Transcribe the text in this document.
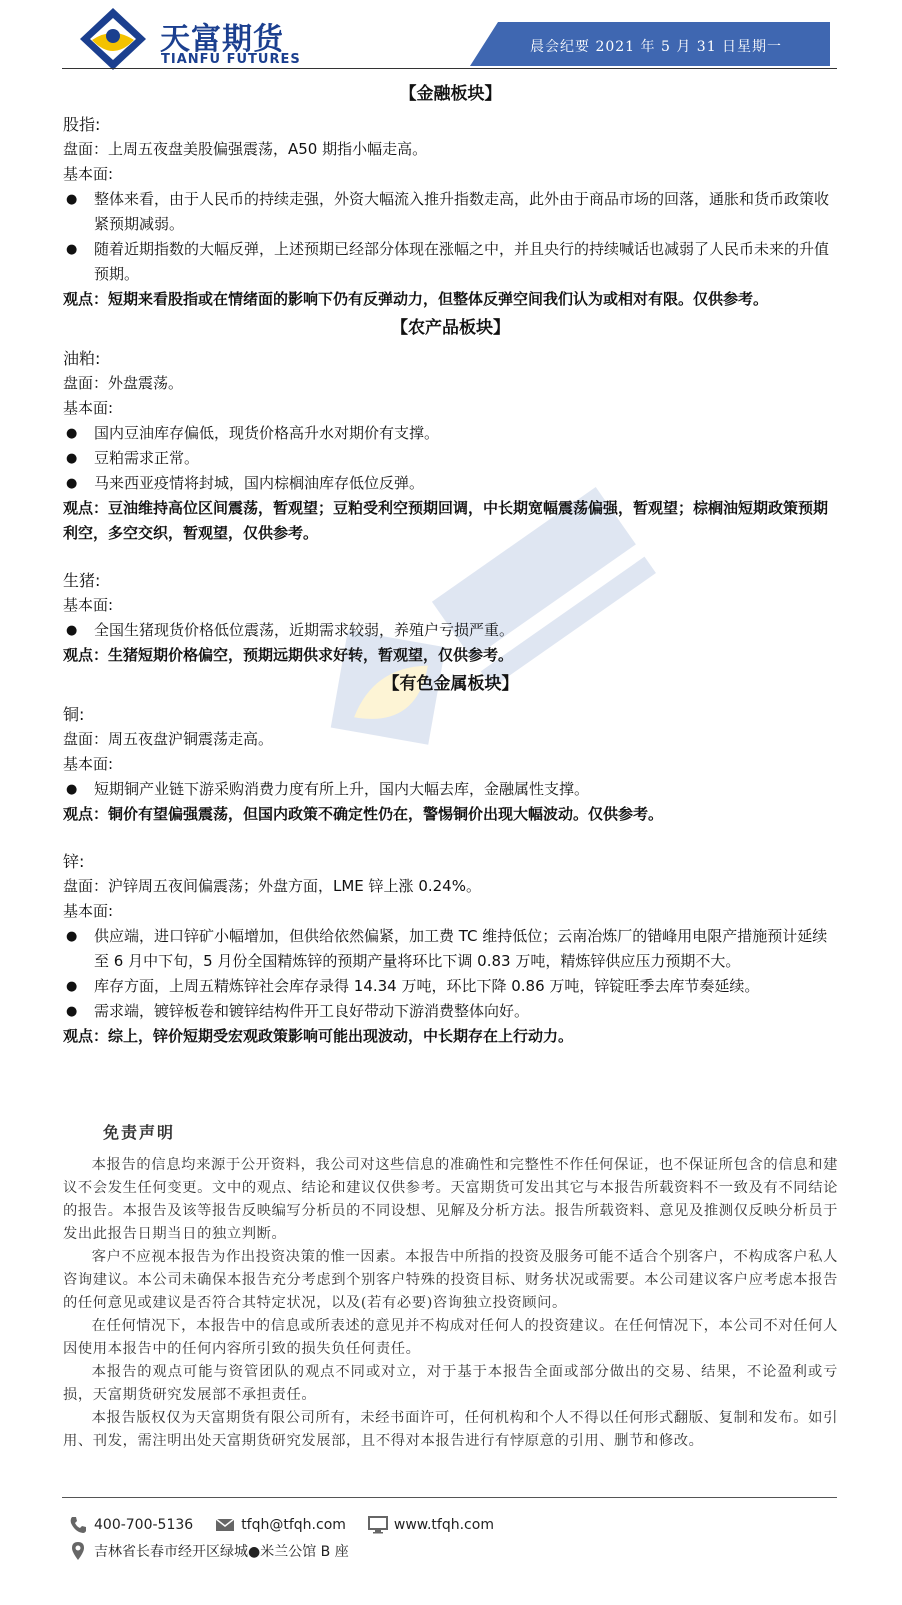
天富期货
TIANFU FUTURES
晨会纪要 2021 年 5 月 31 日星期一
【金融板块】
股指:

盘面：上周五夜盘美股偏强震荡，A50 期指小幅走高。

基本面:

● 整体来看，由于人民币的持续走强，外资大幅流入推升指数走高，此外由于商品市场的回落，通胀和货币政策收紧预期减弱。

● 随着近期指数的大幅反弹，上述预期已经部分体现在涨幅之中，并且央行的持续喊话也减弱了人民币未来的升值预期。

观点：短期来看股指或在情绪面的影响下仍有反弹动力，但整体反弹空间我们认为或相对有限。仅供参考。

【农产品板块】
油粕:

盘面：外盘震荡。

基本面:

● 国内豆油库存偏低，现货价格高升水对期价有支撑。

● 豆粕需求正常。

● 马来西亚疫情将封城，国内棕榈油库存低位反弹。

观点：豆油维持高位区间震荡，暂观望；豆粕受利空预期回调，中长期宽幅震荡偏强，暂观望；棕榈油短期政策预期利空，多空交织，暂观望，仅供参考。

生猪:

基本面:

● 全国生猪现货价格低位震荡，近期需求较弱，养殖户亏损严重。

观点：生猪短期价格偏空，预期远期供求好转，暂观望，仅供参考。

【有色金属板块】
铜:

盘面：周五夜盘沪铜震荡走高。

基本面:

● 短期铜产业链下游采购消费力度有所上升，国内大幅去库，金融属性支撑。

观点：铜价有望偏强震荡，但国内政策不确定性仍在，警惕铜价出现大幅波动。仅供参考。

锌:

盘面：沪锌周五夜间偏震荡；外盘方面，LME 锌上涨 0.24%。

基本面:

● 供应端，进口锌矿小幅增加，但供给依然偏紧，加工费 TC 维持低位；云南冶炼厂的错峰用电限产措施预计延续至 6 月中下旬，5 月份全国精炼锌的预期产量将环比下调 0.83 万吨，精炼锌供应压力预期不大。

● 库存方面，上周五精炼锌社会库存录得 14.34 万吨，环比下降 0.86 万吨，锌锭旺季去库节奏延续。

● 需求端，镀锌板卷和镀锌结构件开工良好带动下游消费整体向好。

观点：综上，锌价短期受宏观政策影响可能出现波动，中长期存在上行动力。

免责声明

本报告的信息均来源于公开资料，我公司对这些信息的准确性和完整性不作任何保证，也不保证所包含的信息和建议不会发生任何变更。文中的观点、结论和建议仅供参考。天富期货可发出其它与本报告所载资料不一致及有不同结论的报告。本报告及该等报告反映编写分析员的不同设想、见解及分析方法。报告所载资料、意见及推测仅反映分析员于发出此报告日期当日的独立判断。

客户不应视本报告为作出投资决策的惟一因素。本报告中所指的投资及服务可能不适合个别客户，不构成客户私人咨询建议。本公司未确保本报告充分考虑到个别客户特殊的投资目标、财务状况或需要。本公司建议客户应考虑本报告的任何意见或建议是否符合其特定状况，以及(若有必要)咨询独立投资顾问。

在任何情况下，本报告中的信息或所表述的意见并不构成对任何人的投资建议。在任何情况下，本公司不对任何人因使用本报告中的任何内容所引致的损失负任何责任。

本报告的观点可能与资管团队的观点不同或对立，对于基于本报告全面或部分做出的交易、结果，不论盈利或亏损，天富期货研究发展部不承担责任。

本报告版权仅为天富期货有限公司所有，未经书面许可，任何机构和个人不得以任何形式翻版、复制和发布。如引用、刊发，需注明出处天富期货研究发展部，且不得对本报告进行有悖原意的引用、删节和修改。

400-700-5136	tfqh@tfqh.com	www.tfqh.com
吉林省长春市经开区绿城●米兰公馆 B 座
